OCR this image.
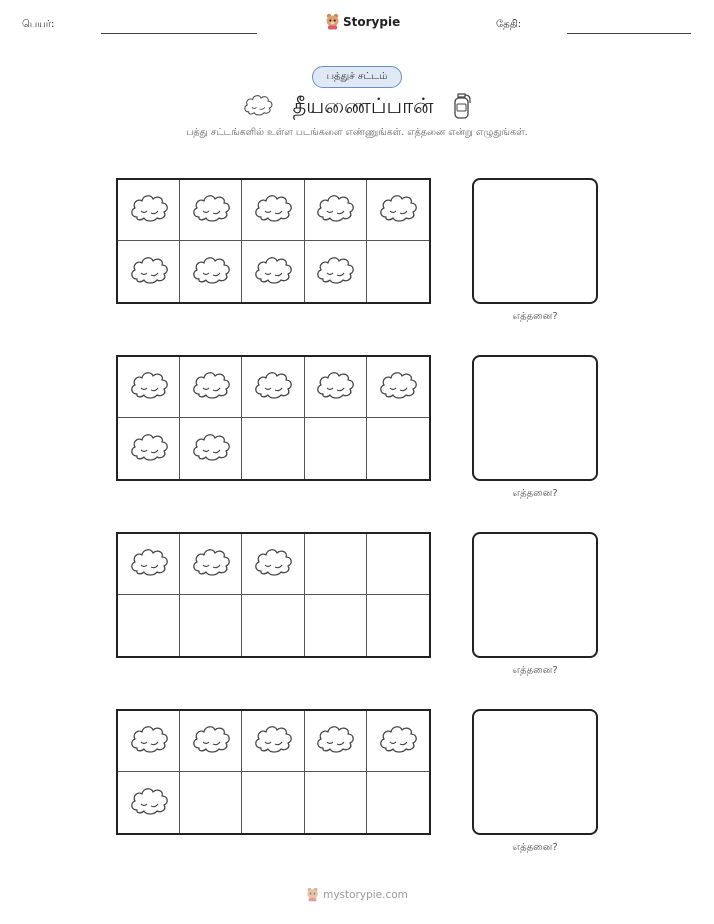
பெயர்:	Storypie	தேதி:
பத்துச் சட்டம்
தீயணைப்பான்
பத்து சட்டங்களில் உள்ள படங்களை எண்ணுங்கள். எத்தனை என்று எழுதுங்கள்.
எத்தனை?
எத்தனை?
எத்தனை?
எத்தனை?
mystorypie.com
